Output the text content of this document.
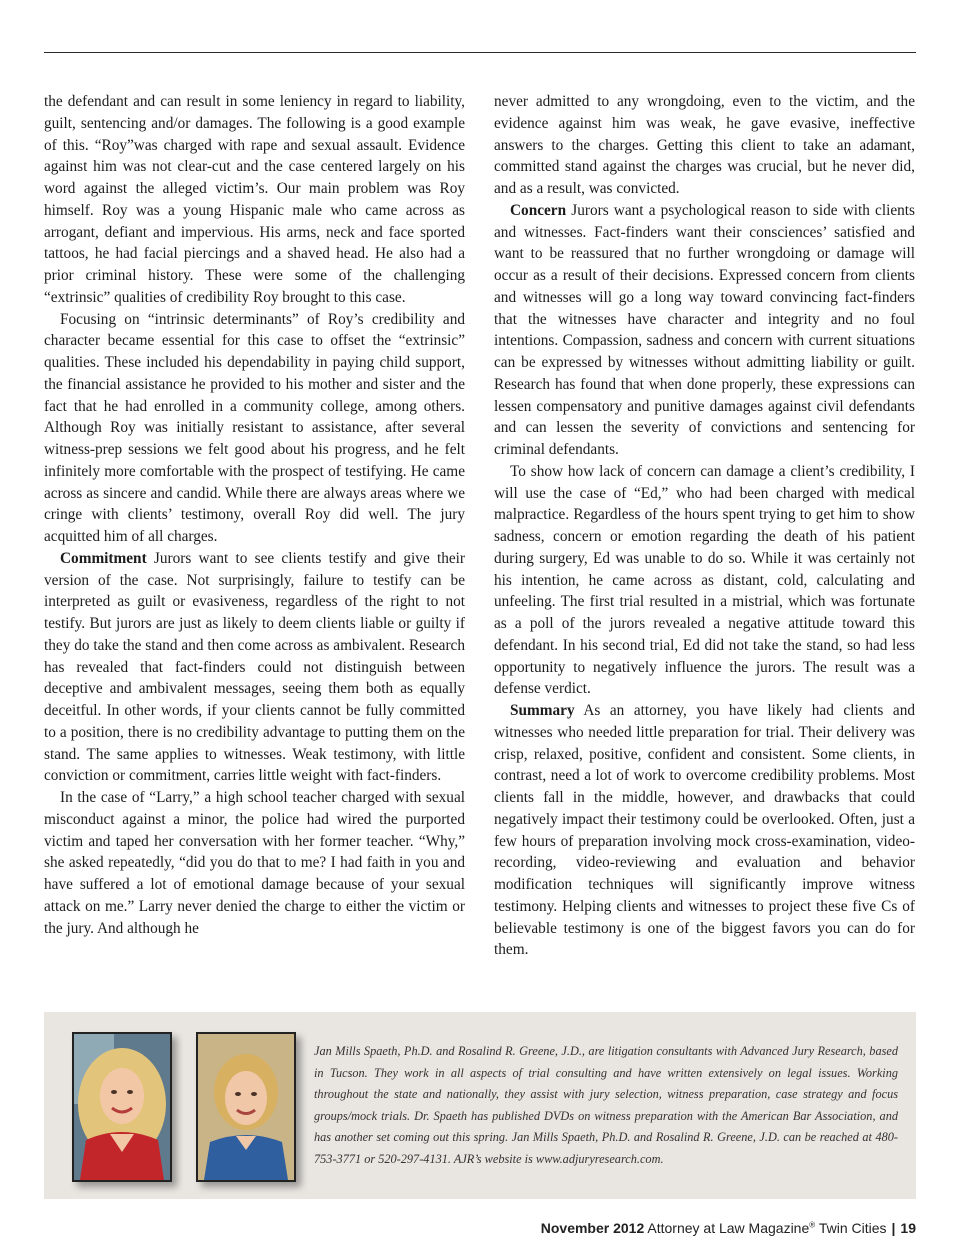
the defendant and can result in some leniency in regard to liability, guilt, sentencing and/or damages. The following is a good example of this. “Roy”was charged with rape and sexual assault. Evidence against him was not clear-cut and the case centered largely on his word against the alleged victim’s. Our main problem was Roy himself. Roy was a young Hispanic male who came across as arrogant, defiant and impervious. His arms, neck and face sported tattoos, he had facial piercings and a shaved head. He also had a prior criminal history. These were some of the challenging “extrinsic” qualities of credibility Roy brought to this case.

Focusing on “intrinsic determinants” of Roy’s credibility and character became essential for this case to offset the “extrinsic” qualities. These included his dependability in paying child support, the financial assistance he provided to his mother and sister and the fact that he had enrolled in a community college, among others. Although Roy was initially resistant to assistance, after several witness-prep sessions we felt good about his progress, and he felt infinitely more comfortable with the prospect of testifying. He came across as sincere and candid. While there are always areas where we cringe with clients’ testimony, overall Roy did well. The jury acquitted him of all charges.

Commitment Jurors want to see clients testify and give their version of the case. Not surprisingly, failure to testify can be interpreted as guilt or evasiveness, regardless of the right to not testify. But jurors are just as likely to deem clients liable or guilty if they do take the stand and then come across as ambivalent. Research has revealed that fact-finders could not distinguish between deceptive and ambivalent messages, seeing them both as equally deceitful. In other words, if your clients cannot be fully committed to a position, there is no credibility advantage to putting them on the stand. The same applies to witnesses. Weak testimony, with little conviction or commitment, carries little weight with fact-finders.

In the case of “Larry,” a high school teacher charged with sexual misconduct against a minor, the police had wired the purported victim and taped her conversation with her former teacher. “Why,” she asked repeatedly, “did you do that to me? I had faith in you and have suffered a lot of emotional damage because of your sexual attack on me.” Larry never denied the charge to either the victim or the jury. And although he

never admitted to any wrongdoing, even to the victim, and the evidence against him was weak, he gave evasive, ineffective answers to the charges. Getting this client to take an adamant, committed stand against the charges was crucial, but he never did, and as a result, was convicted.

Concern Jurors want a psychological reason to side with clients and witnesses. Fact-finders want their consciences’ satisfied and want to be reassured that no further wrongdoing or damage will occur as a result of their decisions. Expressed concern from clients and witnesses will go a long way toward convincing fact-finders that the witnesses have character and integrity and no foul intentions. Compassion, sadness and concern with current situations can be expressed by witnesses without admitting liability or guilt. Research has found that when done properly, these expressions can lessen compensatory and punitive damages against civil defendants and can lessen the severity of convictions and sentencing for criminal defendants.

To show how lack of concern can damage a client’s credibility, I will use the case of “Ed,” who had been charged with medical malpractice. Regardless of the hours spent trying to get him to show sadness, concern or emotion regarding the death of his patient during surgery, Ed was unable to do so. While it was certainly not his intention, he came across as distant, cold, calculating and unfeeling. The first trial resulted in a mistrial, which was fortunate as a poll of the jurors revealed a negative attitude toward this defendant. In his second trial, Ed did not take the stand, so had less opportunity to negatively influence the jurors. The result was a defense verdict.

Summary As an attorney, you have likely had clients and witnesses who needed little preparation for trial. Their delivery was crisp, relaxed, positive, confident and consistent. Some clients, in contrast, need a lot of work to overcome credibility problems. Most clients fall in the middle, however, and drawbacks that could negatively impact their testimony could be overlooked. Often, just a few hours of preparation involving mock cross-examination, video-recording, video-reviewing and evaluation and behavior modification techniques will significantly improve witness testimony. Helping clients and witnesses to project these five Cs of believable testimony is one of the biggest favors you can do for them.

Jan Mills Spaeth, Ph.D. and Rosalind R. Greene, J.D., are litigation consultants with Advanced Jury Research, based in Tucson. They work in all aspects of trial consulting and have written extensively on legal issues. Working throughout the state and nationally, they assist with jury selection, witness preparation, case strategy and focus groups/mock trials. Dr. Spaeth has published DVDs on witness preparation with the American Bar Association, and has another set coming out this spring. Jan Mills Spaeth, Ph.D. and Rosalind R. Greene, J.D. can be reached at 480-753-3771 or 520-297-4131. AJR’s website is www.adjuryresearch.com.
November 2012 Attorney at Law Magazine® Twin Cities | 19
